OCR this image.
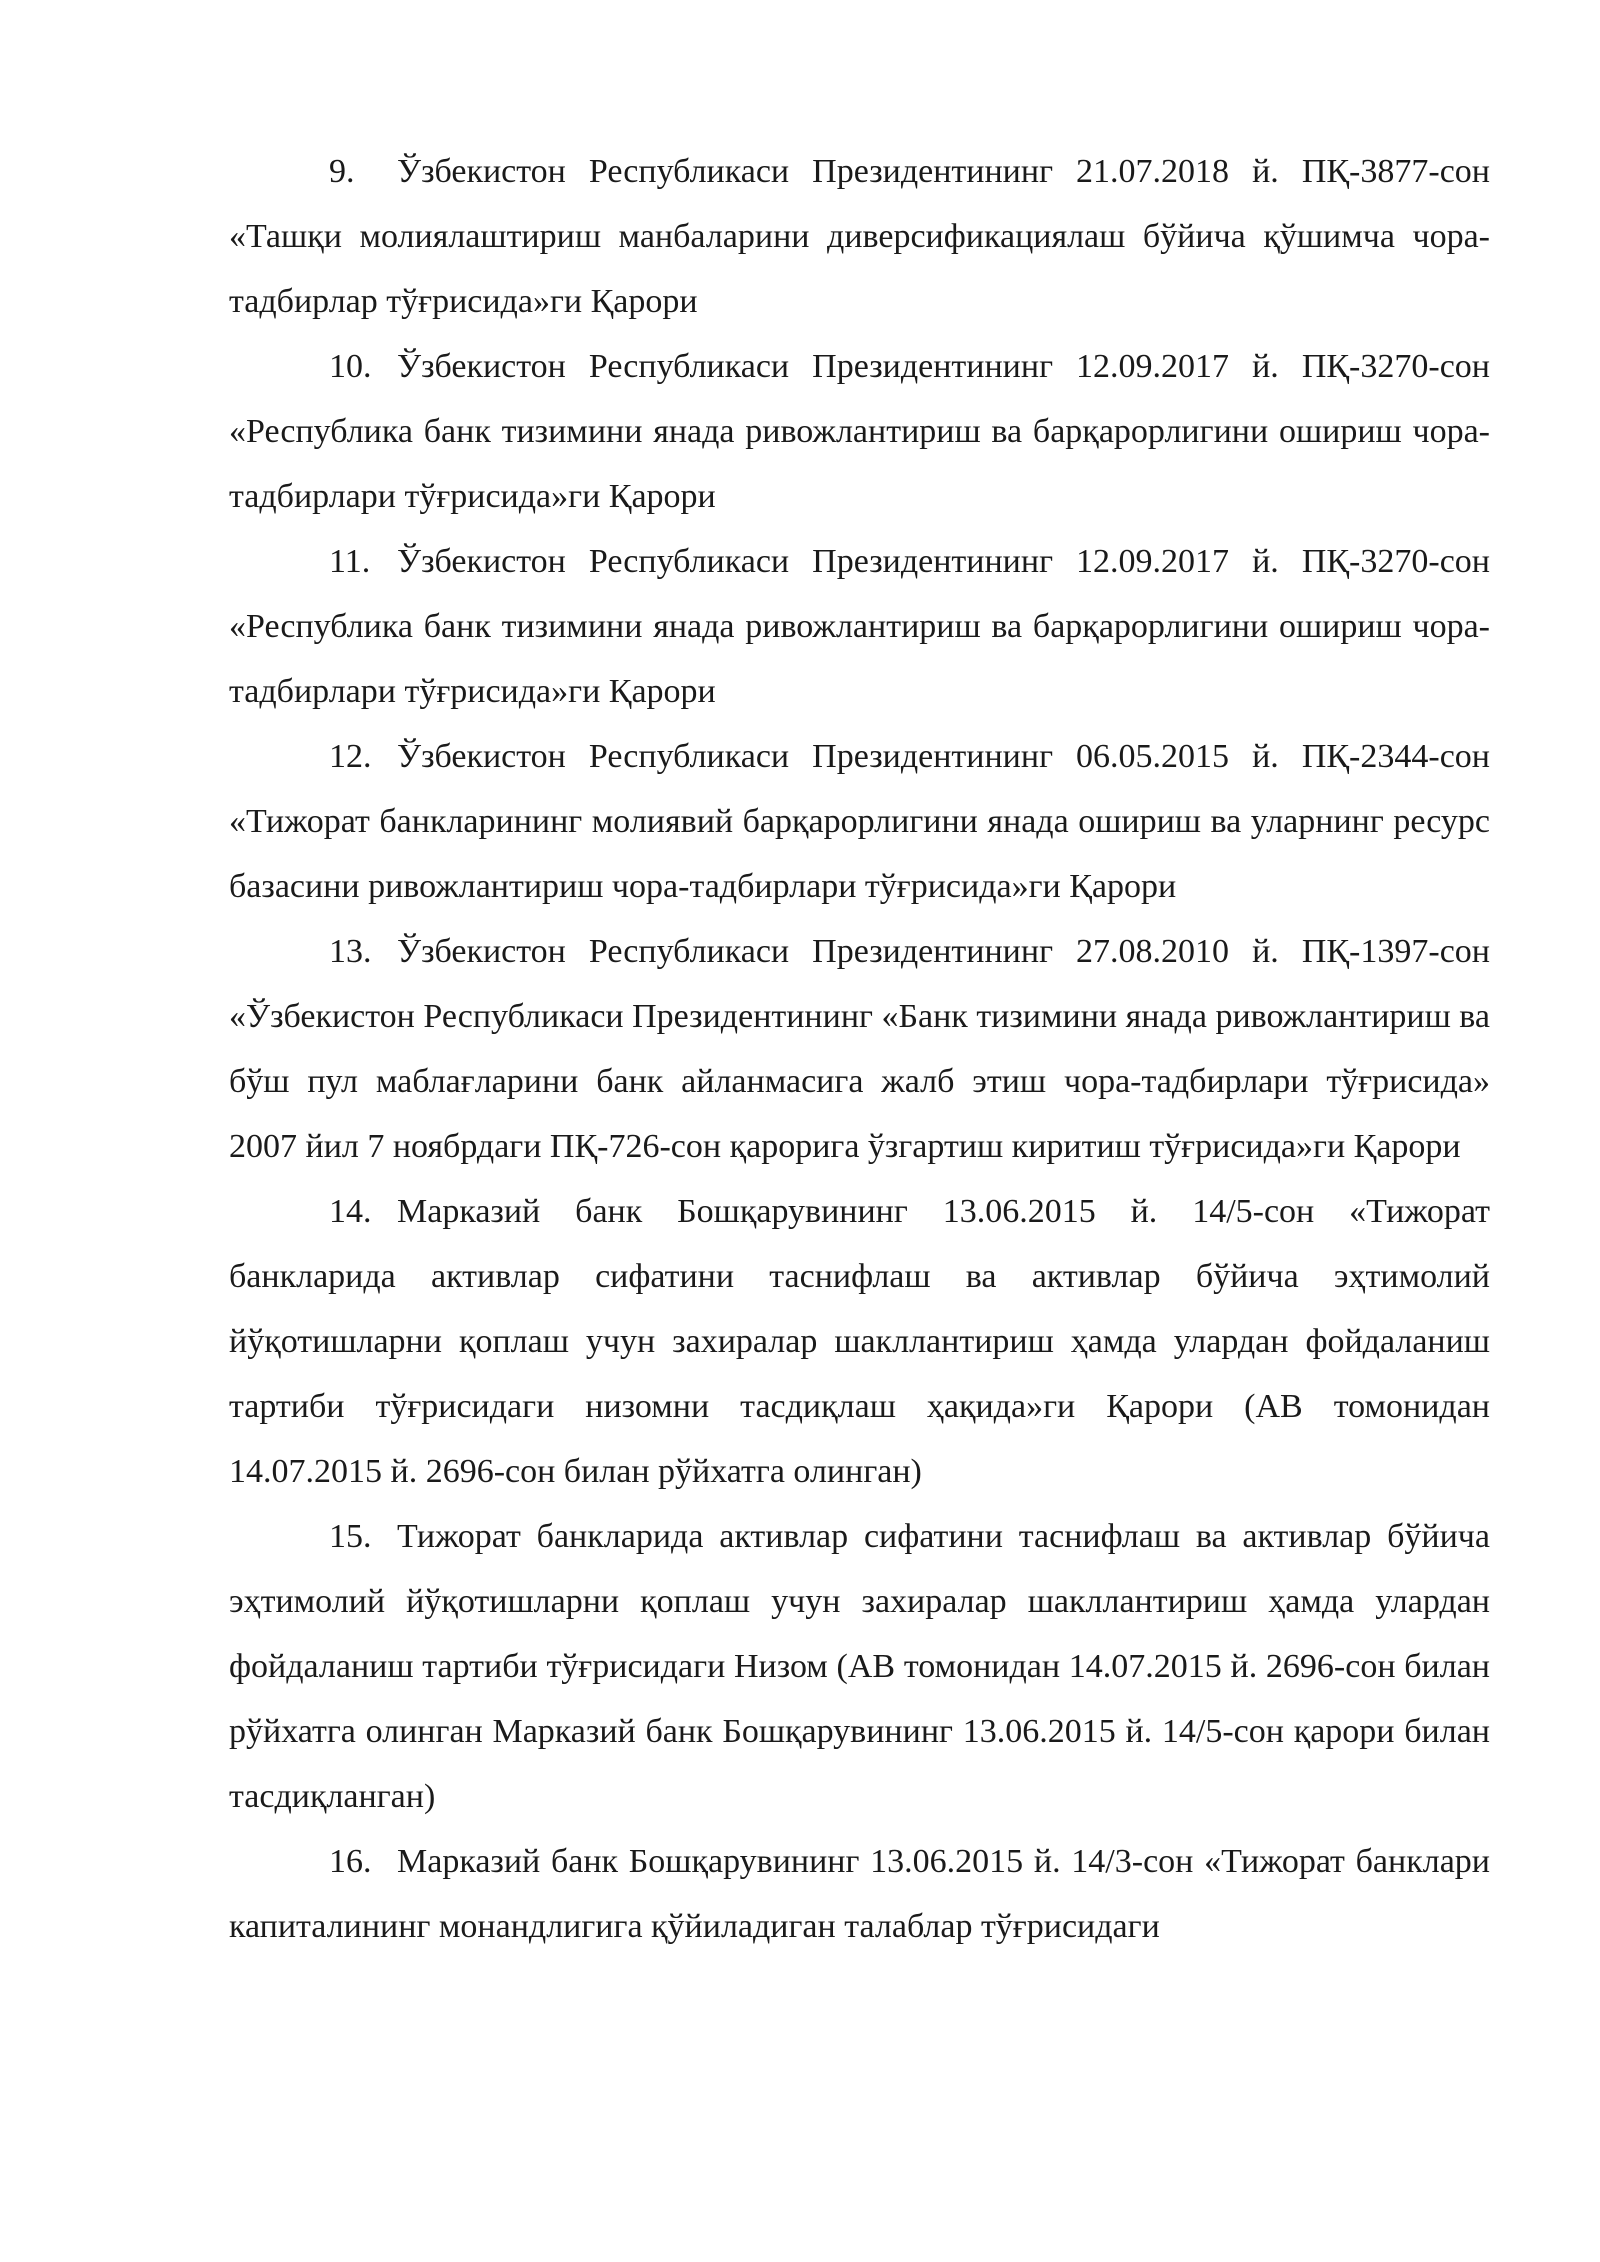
9. Ўзбекистон Республикаси Президентининг 21.07.2018 й. ПҚ-3877-сон «Ташқи молиялаштириш манбаларини диверсификациялаш бўйича қўшимча чора-тадбирлар тўғрисида»ги Қарори

10. Ўзбекистон Республикаси Президентининг 12.09.2017 й. ПҚ-3270-сон «Республика банк тизимини янада ривожлантириш ва барқарорлигини ошириш чора-тадбирлари тўғрисида»ги Қарори

11. Ўзбекистон Республикаси Президентининг 12.09.2017 й. ПҚ-3270-сон «Республика банк тизимини янада ривожлантириш ва барқарорлигини ошириш чора-тадбирлари тўғрисида»ги Қарори

12. Ўзбекистон Республикаси Президентининг 06.05.2015 й. ПҚ-2344-сон «Тижорат банкларининг молиявий барқарорлигини янада ошириш ва уларнинг ресурс базасини ривожлантириш чора-тадбирлари тўғрисида»ги Қарори

13. Ўзбекистон Республикаси Президентининг 27.08.2010 й. ПҚ-1397-сон «Ўзбекистон Республикаси Президентининг «Банк тизимини янада ривожлантириш ва бўш пул маблағларини банк айланмасига жалб этиш чора-тадбирлари тўғрисида» 2007 йил 7 ноябрдаги ПҚ-726-сон қарорига ўзгартиш киритиш тўғрисида»ги Қарори

14. Марказий банк Бошқарувининг 13.06.2015 й. 14/5-сон «Тижорат банкларида активлар сифатини таснифлаш ва активлар бўйича эҳтимолий йўқотишларни қоплаш учун захиралар шакллантириш ҳамда улардан фойдаланиш тартиби тўғрисидаги низомни тасдиқлаш ҳақида»ги Қарори (АВ томонидан 14.07.2015 й. 2696-сон билан рўйхатга олинган)

15. Тижорат банкларида активлар сифатини таснифлаш ва активлар бўйича эҳтимолий йўқотишларни қоплаш учун захиралар шакллантириш ҳамда улардан фойдаланиш тартиби тўғрисидаги Низом (АВ томонидан 14.07.2015 й. 2696-сон билан рўйхатга олинган Марказий банк Бошқарувининг 13.06.2015 й. 14/5-сон қарори билан тасдиқланган)

16. Марказий банк Бошқарувининг 13.06.2015 й. 14/3-сон «Тижорат банклари капиталининг монандлигига қўйиладиган талаблар тўғрисидаги
